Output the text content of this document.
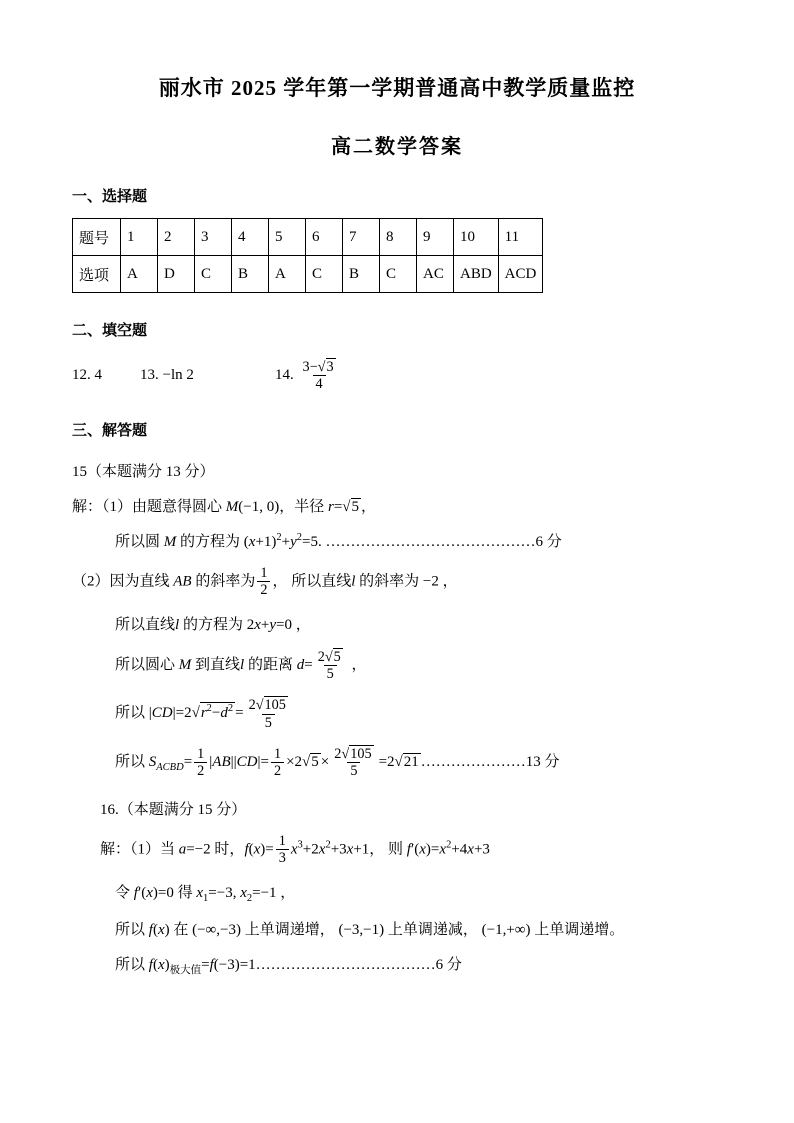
丽水市 2025 学年第一学期普通高中教学质量监控
高二数学答案
一、选择题
题号	1	2	3	4	5	6	7	8	9	10	11
选项	A	D	C	B	A	C	B	C	AC	ABD	ACD
二、填空题
12. 4	13. −ln 2	14. $\frac{3-√3}{4}$
三、解答题
15（本题满分 13 分）
解：（1）由题意得圆心 M(−1, 0)，半径 r=√5 ，
所以圆 M 的方程为 $(x+1)^2+y^2=5$. ……………………………………6 分
（2）因为直线 AB 的斜率为 $\frac{1}{2}$ ， 所以直线l 的斜率为 −2 ，
所以直线l 的方程为 2x+y=0 ，
所以圆心 M 到直线l 的距离 $d= \frac{2√5}{5}$ ，
所以 $|CD|=2√r^2-d^2 = \frac{2√105}{5}$
所以 $S_{ACBD}= \frac{1}{2} |AB||CD|= \frac{1}{2} \times 2√5 \times \frac{2√105}{5} =2√21$ …………………13 分
16.（本题满分 15 分）
解：（1）当 a=−2 时，$f(x)= \frac{1}{3} x^3+2x^2+3x+1$， 则 $f'(x)=x^2+4x+3$
令 f′(x)=0 得 $x_1=-3$, $x_2=-1$ ，
所以 f(x) 在 (−∞,−3) 上单调递增， (−3,−1) 上单调递减， (−1,+∞) 上单调递增。
所以 $f(x)_{极大值}=f(-3)=1\dots\dots\dots\dots\dots\dots\dots\dots\dots\dots\dots\dots 6$ 分
